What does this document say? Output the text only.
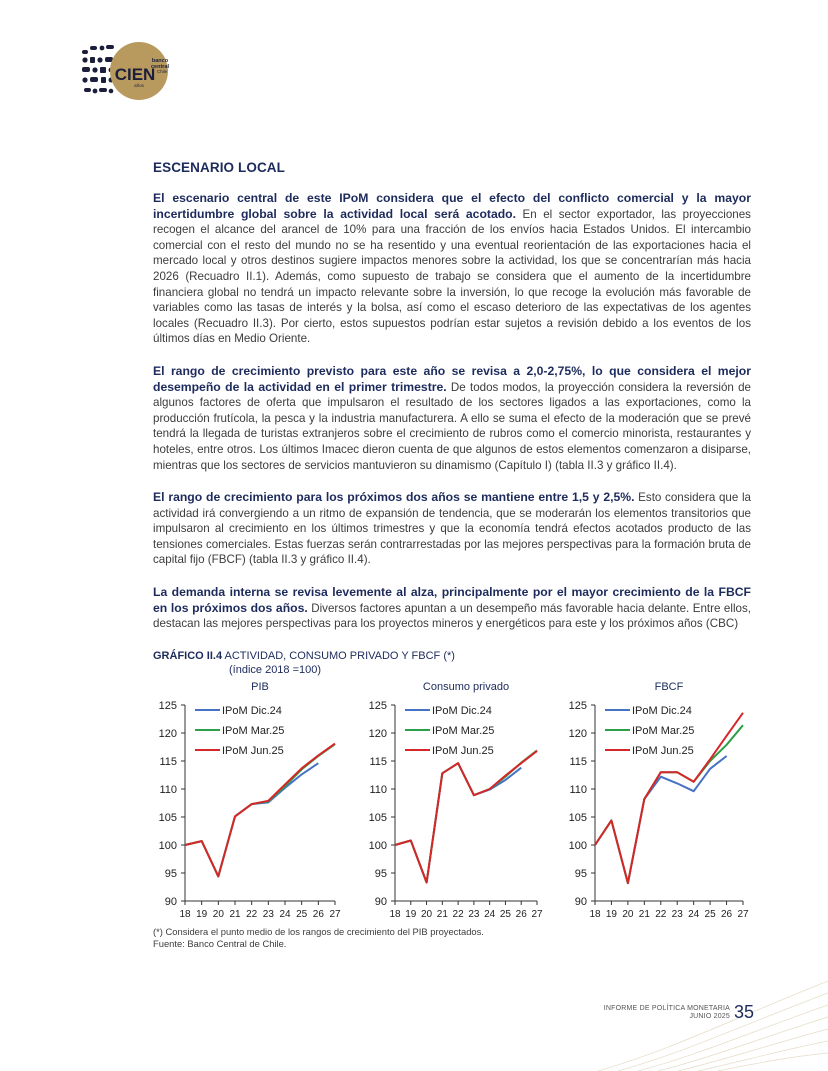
CIEN
banco
central
Chile
años
ESCENARIO LOCAL

El escenario central de este IPoM considera que el efecto del conflicto comercial y la mayor incertidumbre global sobre la actividad local será acotado. En el sector exportador, las proyecciones recogen el alcance del arancel de 10% para una fracción de los envíos hacia Estados Unidos. El intercambio comercial con el resto del mundo no se ha resentido y una eventual reorientación de las exportaciones hacia el mercado local y otros destinos sugiere impactos menores sobre la actividad, los que se concentrarían más hacia 2026 (Recuadro II.1). Además, como supuesto de trabajo se considera que el aumento de la incertidumbre financiera global no tendrá un impacto relevante sobre la inversión, lo que recoge la evolución más favorable de variables como las tasas de interés y la bolsa, así como el escaso deterioro de las expectativas de los agentes locales (Recuadro II.3). Por cierto, estos supuestos podrían estar sujetos a revisión debido a los eventos de los últimos días en Medio Oriente.

El rango de crecimiento previsto para este año se revisa a 2,0-2,75%, lo que considera el mejor desempeño de la actividad en el primer trimestre. De todos modos, la proyección considera la reversión de algunos factores de oferta que impulsaron el resultado de los sectores ligados a las exportaciones, como la producción frutícola, la pesca y la industria manufacturera. A ello se suma el efecto de la moderación que se prevé tendrá la llegada de turistas extranjeros sobre el crecimiento de rubros como el comercio minorista, restaurantes y hoteles, entre otros. Los últimos Imacec dieron cuenta de que algunos de estos elementos comenzaron a disiparse, mientras que los sectores de servicios mantuvieron su dinamismo (Capítulo I) (tabla II.3 y gráfico II.4).

El rango de crecimiento para los próximos dos años se mantiene entre 1,5 y 2,5%. Esto considera que la actividad irá convergiendo a un ritmo de expansión de tendencia, que se moderarán los elementos transitorios que impulsaron al crecimiento en los últimos trimestres y que la economía tendrá efectos acotados producto de las tensiones comerciales. Estas fuerzas serán contrarrestadas por las mejores perspectivas para la formación bruta de capital fijo (FBCF) (tabla II.3 y gráfico II.4).

La demanda interna se revisa levemente al alza, principalmente por el mayor crecimiento de la FBCF en los próximos dos años. Diversos factores apuntan a un desempeño más favorable hacia delante. Entre ellos, destacan las mejores perspectivas para los proyectos mineros y energéticos para este y los próximos años (CBC)

GRÁFICO II.4 ACTIVIDAD, CONSUMO PRIVADO Y FBCF (*)
(índice 2018 =100)
PIB
90
95
100
105
110
115
120
125
18 19 20 21 22 23 24 25 26 27
IPoM Dic.24
IPoM Mar.25
IPoM Jun.25
Consumo privado
90
95
100
105
110
115
120
125
18 19 20 21 22 23 24 25 26 27
IPoM Dic.24
IPoM Mar.25
IPoM Jun.25
FBCF
90
95
100
105
110
115
120
125
18 19 20 21 22 23 24 25 26 27
IPoM Dic.24
IPoM Mar.25
IPoM Jun.25
(*) Considera el punto medio de los rangos de crecimiento del PIB proyectados.
Fuente: Banco Central de Chile.
INFORME DE POLÍTICA MONETARIA
JUNIO 2025 35
